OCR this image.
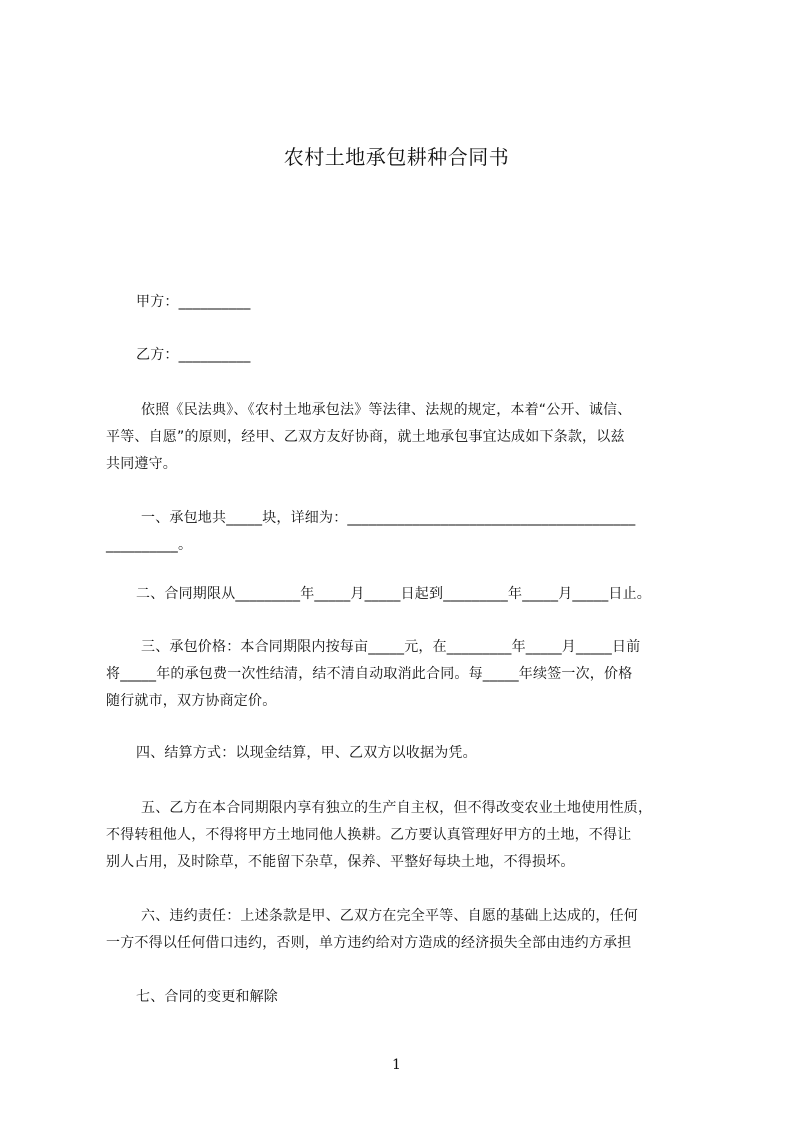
农村土地承包耕种合同书
甲方：__________
乙方：__________
依照《民法典》、《农村土地承包法》等法律、法规的规定，本着“公开、诚信、
平等、自愿”的原则，经甲、乙双方友好协商，就土地承包事宜达成如下条款，以兹
共同遵守。
一、承包地共_____块，详细为：________________________________________
__________。
二、合同期限从_________年_____月_____日起到_________年_____月_____日止。
三、承包价格：本合同期限内按每亩_____元，在_________年_____月_____日前
将_____年的承包费一次性结清，结不清自动取消此合同。每_____年续签一次，价格
随行就市，双方协商定价。
四、结算方式：以现金结算，甲、乙双方以收据为凭。
五、乙方在本合同期限内享有独立的生产自主权，但不得改变农业土地使用性质，
不得转租他人，不得将甲方土地同他人换耕。乙方要认真管理好甲方的土地，不得让
别人占用，及时除草，不能留下杂草，保养、平整好每块土地，不得损坏。
六、违约责任：上述条款是甲、乙双方在完全平等、自愿的基础上达成的，任何
一方不得以任何借口违约，否则，单方违约给对方造成的经济损失全部由违约方承担
七、合同的变更和解除
1
